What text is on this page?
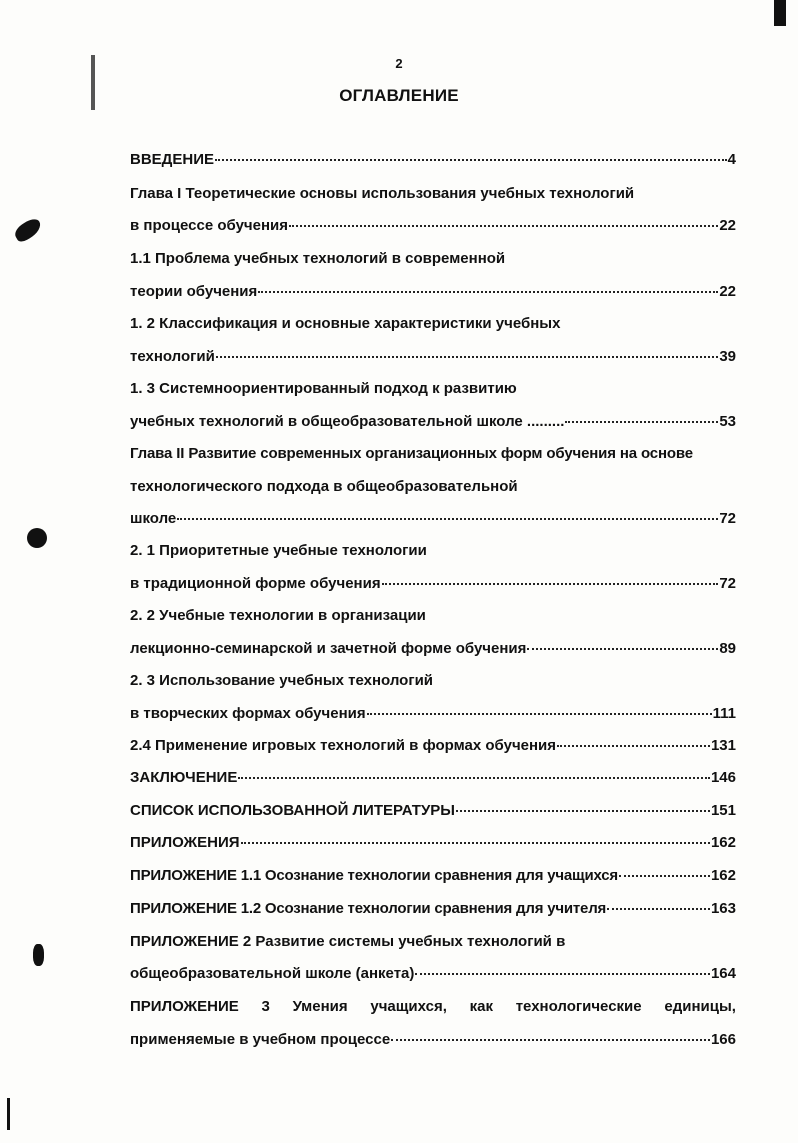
2
ОГЛАВЛЕНИЕ
ВВЕДЕНИЕ	4
Глава I Теоретические основы использования учебных технологий
в процессе обучения	22
1.1 Проблема учебных технологий в современной
теории обучения	22
1. 2 Классификация и основные характеристики учебных
технологий	39
1. 3 Системноориентированный подход к развитию
учебных технологий в общеобразовательной школе .........	53
Глава II Развитие современных организационных форм обучения на основе
технологического подхода в общеобразовательной
школе	72
2. 1 Приоритетные учебные технологии
в традиционной форме обучения	72
2. 2 Учебные технологии в организации
лекционно-семинарской и зачетной форме обучения	89
2. 3 Использование учебных технологий
в творческих формах обучения	111
2.4 Применение игровых технологий в формах обучения	131
ЗАКЛЮЧЕНИЕ	146
СПИСОК ИСПОЛЬЗОВАННОЙ ЛИТЕРАТУРЫ	151
ПРИЛОЖЕНИЯ	162
ПРИЛОЖЕНИЕ 1.1 Осознание технологии сравнения для учащихся	162
ПРИЛОЖЕНИЕ 1.2 Осознание технологии сравнения для учителя	163
ПРИЛОЖЕНИЕ 2 Развитие системы учебных технологий в
общеобразовательной школе (анкета)	164
ПРИЛОЖЕНИЕ 3 Умения учащихся, как технологические единицы,
применяемые в учебном процессе	166
